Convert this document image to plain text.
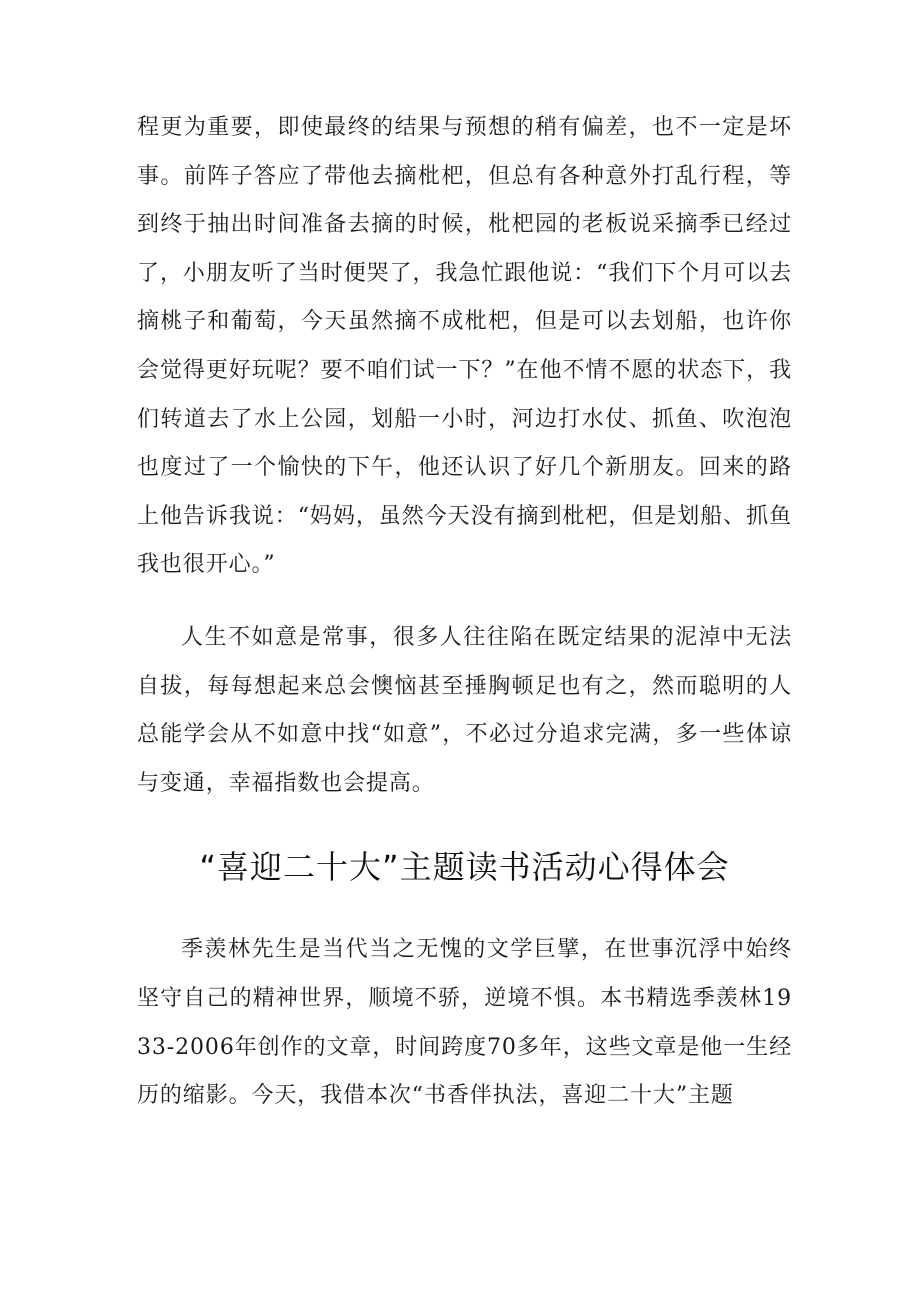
程更为重要，即使最终的结果与预想的稍有偏差，也不一定是坏事。前阵子答应了带他去摘枇杷，但总有各种意外打乱行程，等到终于抽出时间准备去摘的时候，枇杷园的老板说采摘季已经过了，小朋友听了当时便哭了，我急忙跟他说：“我们下个月可以去摘桃子和葡萄，今天虽然摘不成枇杷，但是可以去划船，也许你会觉得更好玩呢？要不咱们试一下？”在他不情不愿的状态下，我们转道去了水上公园，划船一小时，河边打水仗、抓鱼、吹泡泡也度过了一个愉快的下午，他还认识了好几个新朋友。回来的路上他告诉我说：“妈妈，虽然今天没有摘到枇杷，但是划船、抓鱼我也很开心。”

人生不如意是常事，很多人往往陷在既定结果的泥淖中无法自拔，每每想起来总会懊恼甚至捶胸顿足也有之，然而聪明的人总能学会从不如意中找“如意”，不必过分追求完满，多一些体谅与变通，幸福指数也会提高。

“喜迎二十大”主题读书活动心得体会

季羡林先生是当代当之无愧的文学巨擘，在世事沉浮中始终坚守自己的精神世界，顺境不骄，逆境不惧。本书精选季羡林1933-2006年创作的文章，时间跨度70多年，这些文章是他一生经历的缩影。今天，我借本次“书香伴执法，喜迎二十大”主题
